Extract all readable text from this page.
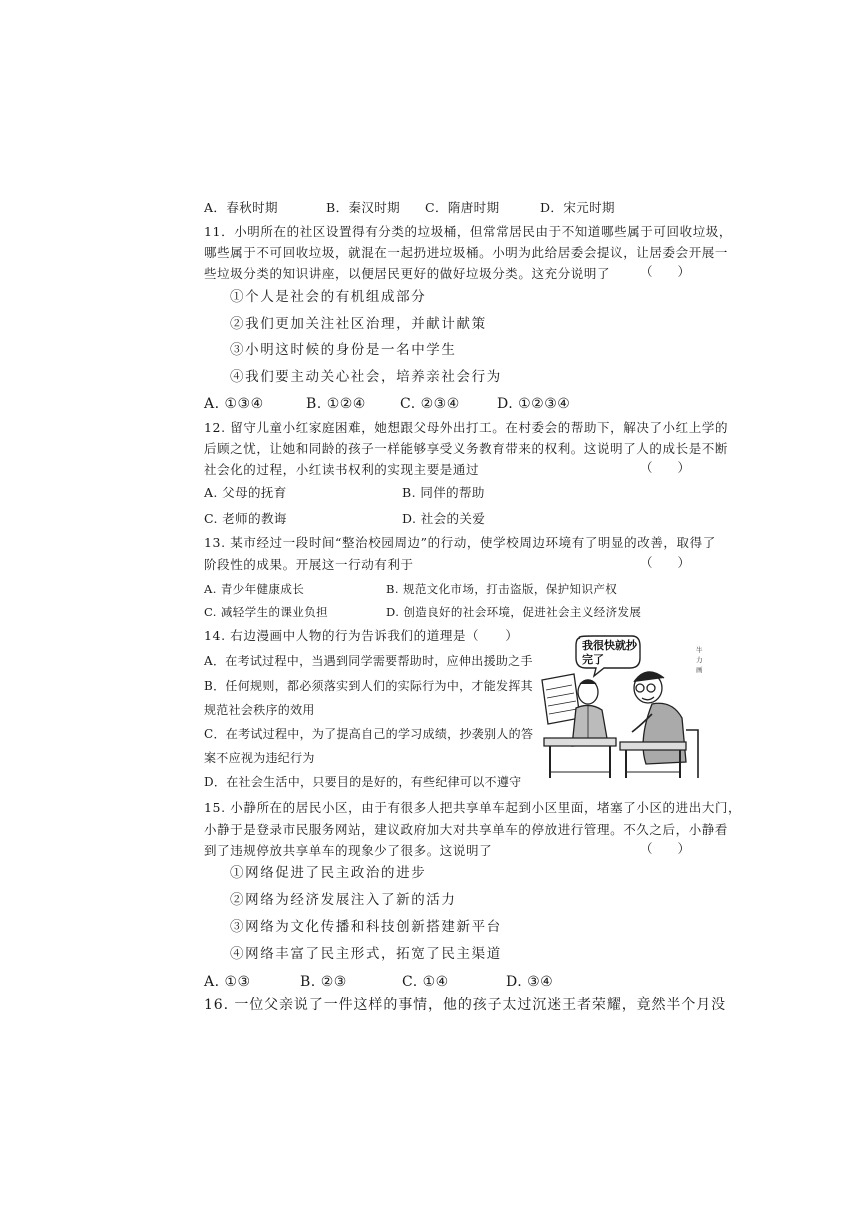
A．春秋时期	B．秦汉时期 C．隋唐时期	D．宋元时期
11．小明所在的社区设置得有分类的垃圾桶，但常常居民由于不知道哪些属于可回收垃圾，
哪些属于不可回收垃圾，就混在一起扔进垃圾桶。小明为此给居委会提议，让居委会开展一
些垃圾分类的知识讲座，以便居民更好的做好垃圾分类。这充分说明了 （　　）
①个人是社会的有机组成部分
②我们更加关注社区治理，并献计献策
③小明这时候的身份是一名中学生
④我们要主动关心社会，培养亲社会行为
A. ①③④	B. ①②④ C. ②③④	D. ①②③④
12. 留守儿童小红家庭困难，她想跟父母外出打工。在村委会的帮助下，解决了小红上学的
后顾之忧，让她和同龄的孩子一样能够享受义务教育带来的权利。这说明了人的成长是不断
社会化的过程，小红读书权利的实现主要是通过	（　　）
A. 父母的抚育	B. 同伴的帮助
C. 老师的教诲	D. 社会的关爱
13. 某市经过一段时间“整治校园周边”的行动，使学校周边环境有了明显的改善，取得了
阶段性的成果。开展这一行动有利于	（　　）
A. 青少年健康成长	B. 规范文化市场，打击盗版，保护知识产权
C. 减轻学生的课业负担	D. 创造良好的社会环境，促进社会主义经济发展
14. 右边漫画中人物的行为告诉我们的道理是（　　）
A．在考试过程中，当遇到同学需要帮助时，应伸出援助之手
B．任何规则，都必须落实到人们的实际行为中，才能发挥其
规范社会秩序的效用
C．在考试过程中，为了提高自己的学习成绩，抄袭别人的答
案不应视为违纪行为
D．在社会生活中，只要目的是好的，有些纪律可以不遵守
我很快就抄
完了
牛
力
画
15. 小静所在的居民小区，由于有很多人把共享单车起到小区里面，堵塞了小区的进出大门，
小静于是登录市民服务网站，建议政府加大对共享单车的停放进行管理。不久之后，小静看
到了违规停放共享单车的现象少了很多。这说明了	（　　）
①网络促进了民主政治的进步
②网络为经济发展注入了新的活力
③网络为文化传播和科技创新搭建新平台
④网络丰富了民主形式，拓宽了民主渠道
A. ①③	B. ②③	C. ①④	D. ③④
16. 一位父亲说了一件这样的事情，他的孩子太过沉迷王者荣耀，竟然半个月没
